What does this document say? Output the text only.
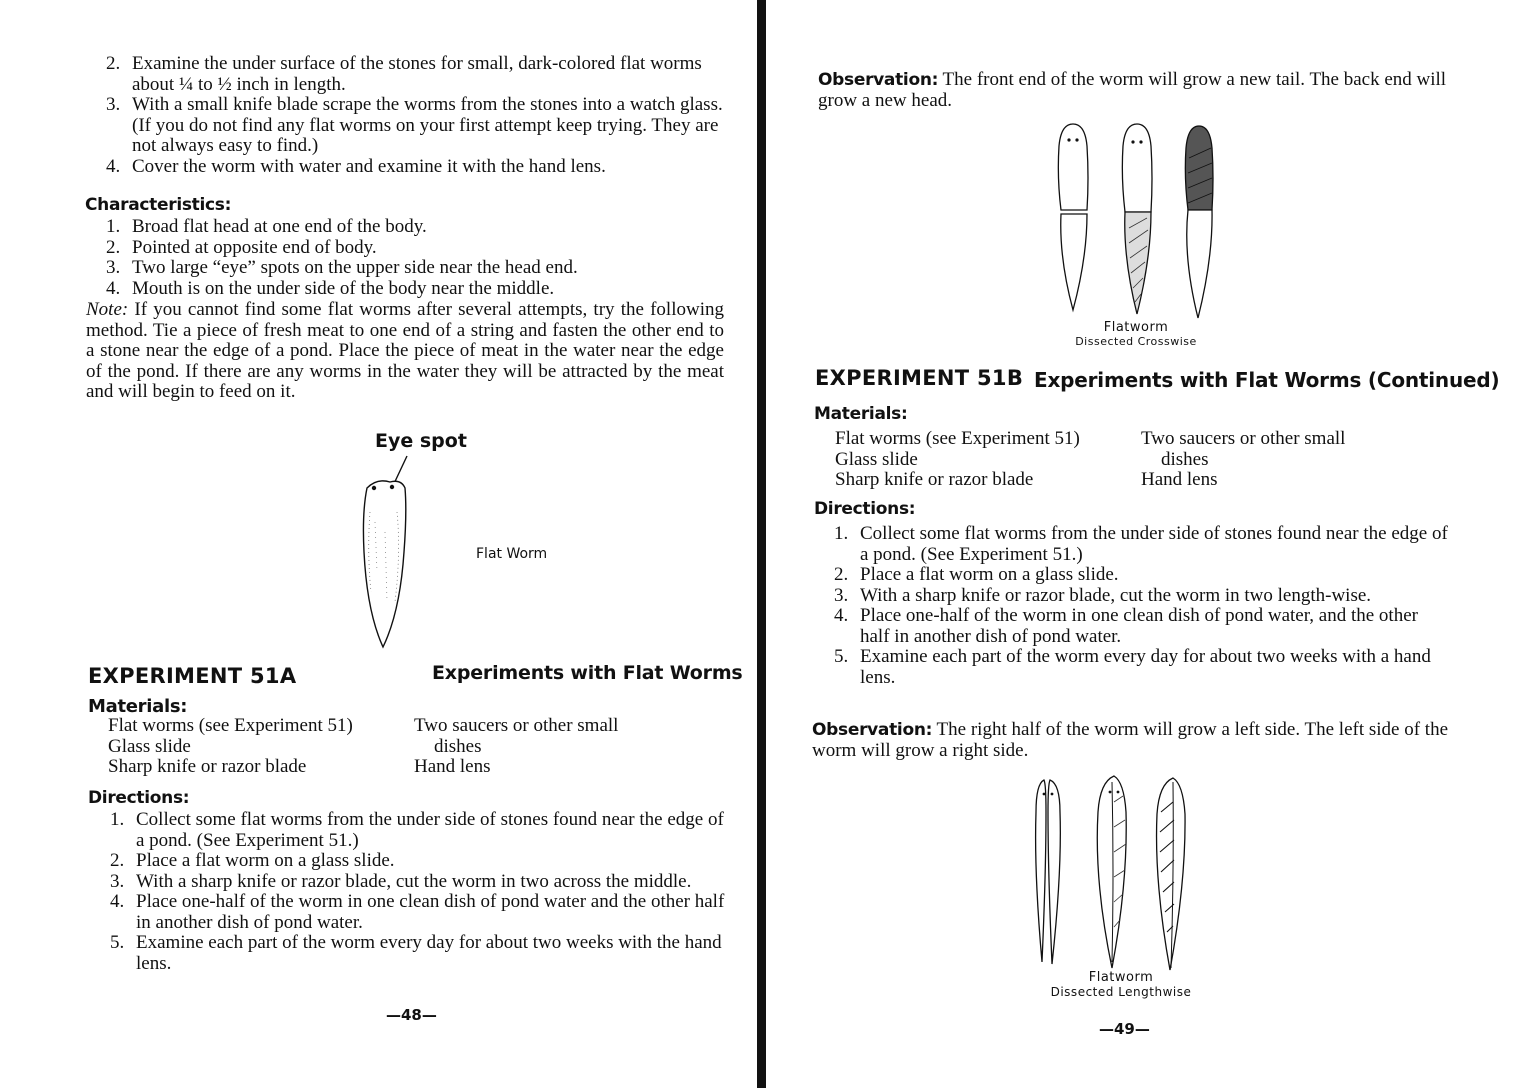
2. Examine the under surface of the stones for small, dark-colored flat worms about ¼ to ½ inch in length.
3. With a small knife blade scrape the worms from the stones into a watch glass. (If you do not find any flat worms on your first attempt keep trying. They are not always easy to find.)
4. Cover the worm with water and examine it with the hand lens.
Characteristics:
1. Broad flat head at one end of the body.
2. Pointed at opposite end of body.
3. Two large “eye” spots on the upper side near the head end.
4. Mouth is on the under side of the body near the middle.

Note: If you cannot find some flat worms after several attempts, try the following method. Tie a piece of fresh meat to one end of a string and fasten the other end to a stone near the edge of a pond. Place the piece of meat in the water near the edge of the pond. If there are any worms in the water they will be attracted by the meat and will begin to feed on it.

Eye spot
Flat Worm
EXPERIMENT 51A	Experiments with Flat Worms
Materials:
Flat worms (see Experiment 51)
Glass slide
Sharp knife or razor blade
Two saucers or other small
dishes
Hand lens
Directions:
1. Collect some flat worms from the under side of stones found near the edge of a pond. (See Experiment 51.)
2. Place a flat worm on a glass slide.
3. With a sharp knife or razor blade, cut the worm in two across the middle.
4. Place one-half of the worm in one clean dish of pond water and the other half in another dish of pond water.
5. Examine each part of the worm every day for about two weeks with the hand lens.
—48—

Observation: The front end of the worm will grow a new tail. The back end will grow a new head.

Flatworm
Dissected Crosswise
EXPERIMENT 51B Experiments with Flat Worms (Continued)
Materials:
Flat worms (see Experiment 51)
Glass slide
Sharp knife or razor blade
Two saucers or other small
dishes
Hand lens
Directions:
1. Collect some flat worms from the under side of stones found near the edge of a pond. (See Experiment 51.)
2. Place a flat worm on a glass slide.
3. With a sharp knife or razor blade, cut the worm in two length-wise.
4. Place one-half of the worm in one clean dish of pond water, and the other half in another dish of pond water.
5. Examine each part of the worm every day for about two weeks with a hand lens.

Observation: The right half of the worm will grow a left side. The left side of the worm will grow a right side.

Flatworm
Dissected Lengthwise
—49—
